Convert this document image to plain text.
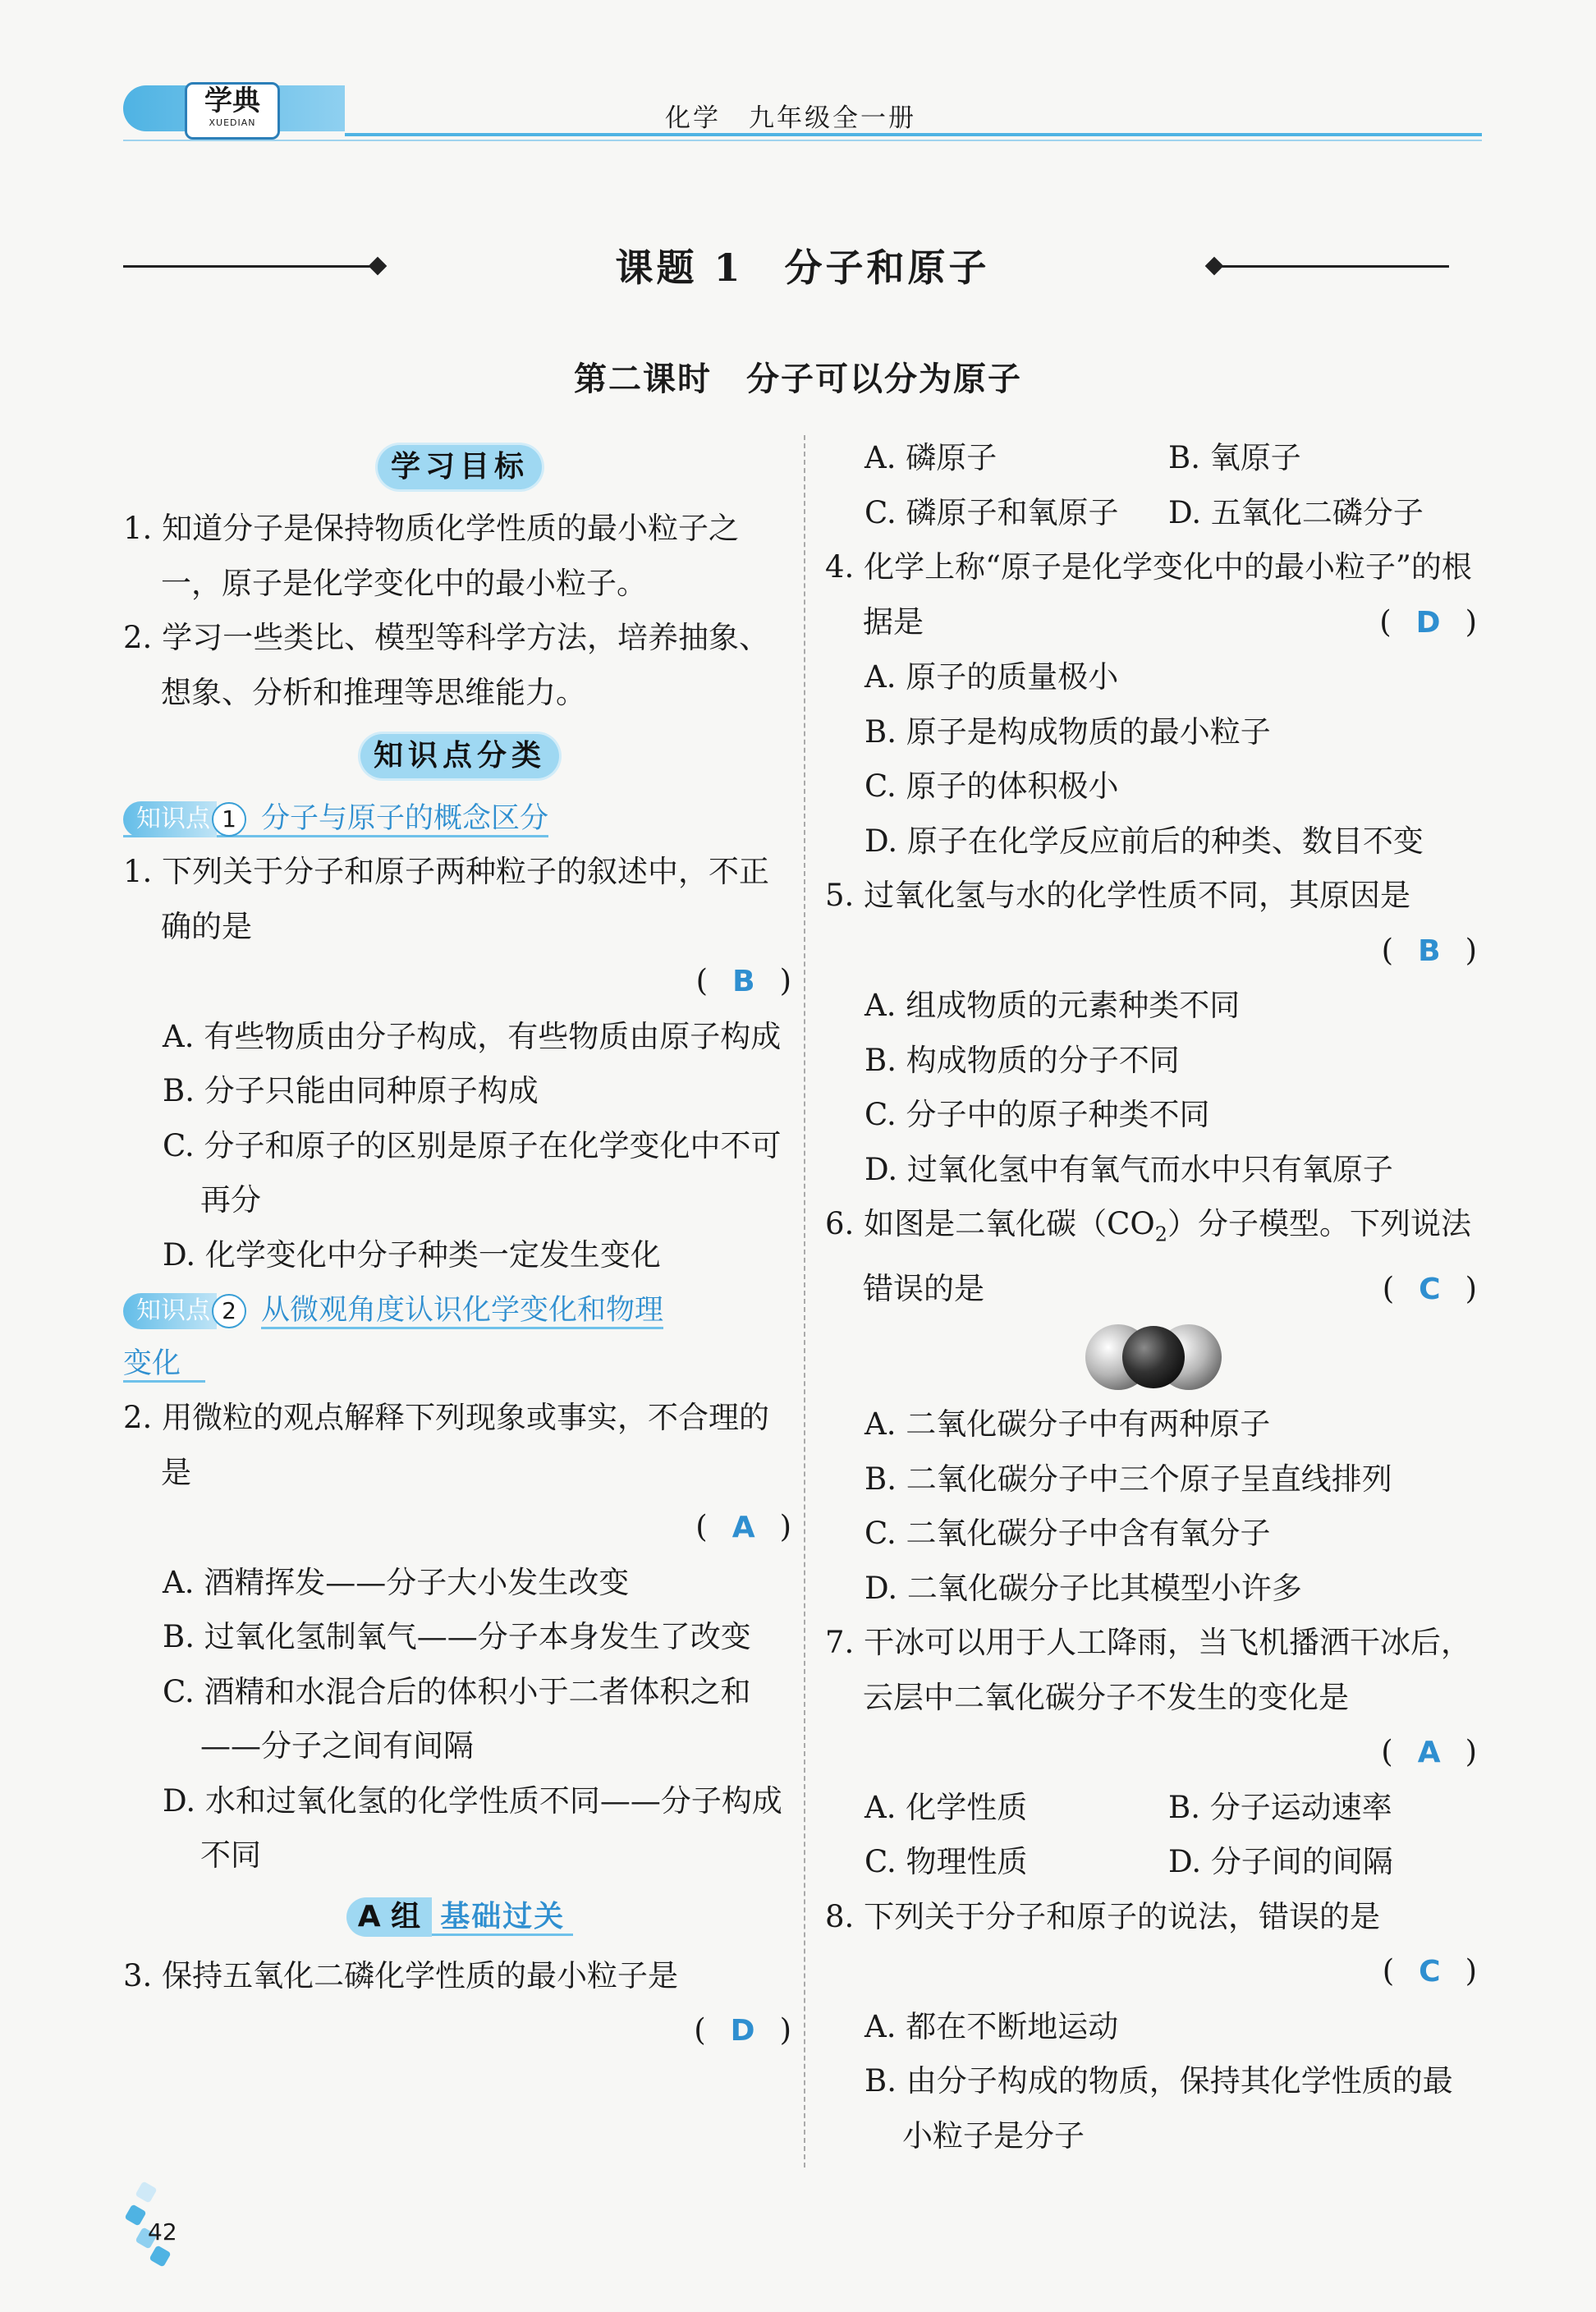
学典
XUEDIAN	化学　九年级全一册
课题 1　分子和原子
第二课时　分子可以分为原子
学习目标

1. 知道分子是保持物质化学性质的最小粒子之一，原子是化学变化中的最小粒子。

2. 学习一些类比、模型等科学方法，培养抽象、想象、分析和推理等思维能力。

知识点分类
知识点 1 分子与原子的概念区分

1. 下列关于分子和原子两种粒子的叙述中，不正确的是

( B )

A. 有些物质由分子构成，有些物质由原子构成

B. 分子只能由同种原子构成

C. 分子和原子的区别是原子在化学变化中不可再分

D. 化学变化中分子种类一定发生变化

知识点 2 从微观角度认识化学变化和物理
变化

2. 用微粒的观点解释下列现象或事实，不合理的是

( A )

A. 酒精挥发——分子大小发生改变

B. 过氧化氢制氧气——分子本身发生了改变

C. 酒精和水混合后的体积小于二者体积之和——分子之间有间隔

D. 水和过氧化氢的化学性质不同——分子构成不同

A 组 基础过关

3. 保持五氧化二磷化学性质的最小粒子是

( D )

A. 磷原子	B. 氧原子
C. 磷原子和氧原子	D. 五氧化二磷分子

4. 化学上称“原子是化学变化中的最小粒子”的根据是	( D )

A. 原子的质量极小

B. 原子是构成物质的最小粒子

C. 原子的体积极小

D. 原子在化学反应前后的种类、数目不变

5. 过氧化氢与水的化学性质不同，其原因是

( B )

A. 组成物质的元素种类不同

B. 构成物质的分子不同

C. 分子中的原子种类不同

D. 过氧化氢中有氧气而水中只有氧原子

6. 如图是二氧化碳$(CO_2)$分子模型。下列说法错误的是	( C )

A. 二氧化碳分子中有两种原子

B. 二氧化碳分子中三个原子呈直线排列

C. 二氧化碳分子中含有氧分子

D. 二氧化碳分子比其模型小许多

7. 干冰可以用于人工降雨，当飞机播洒干冰后，云层中二氧化碳分子不发生的变化是

( A )

A. 化学性质	B. 分子运动速率
C. 物理性质	D. 分子间的间隔

8. 下列关于分子和原子的说法，错误的是

( C )

A. 都在不断地运动

B. 由分子构成的物质，保持其化学性质的最小粒子是分子

42
